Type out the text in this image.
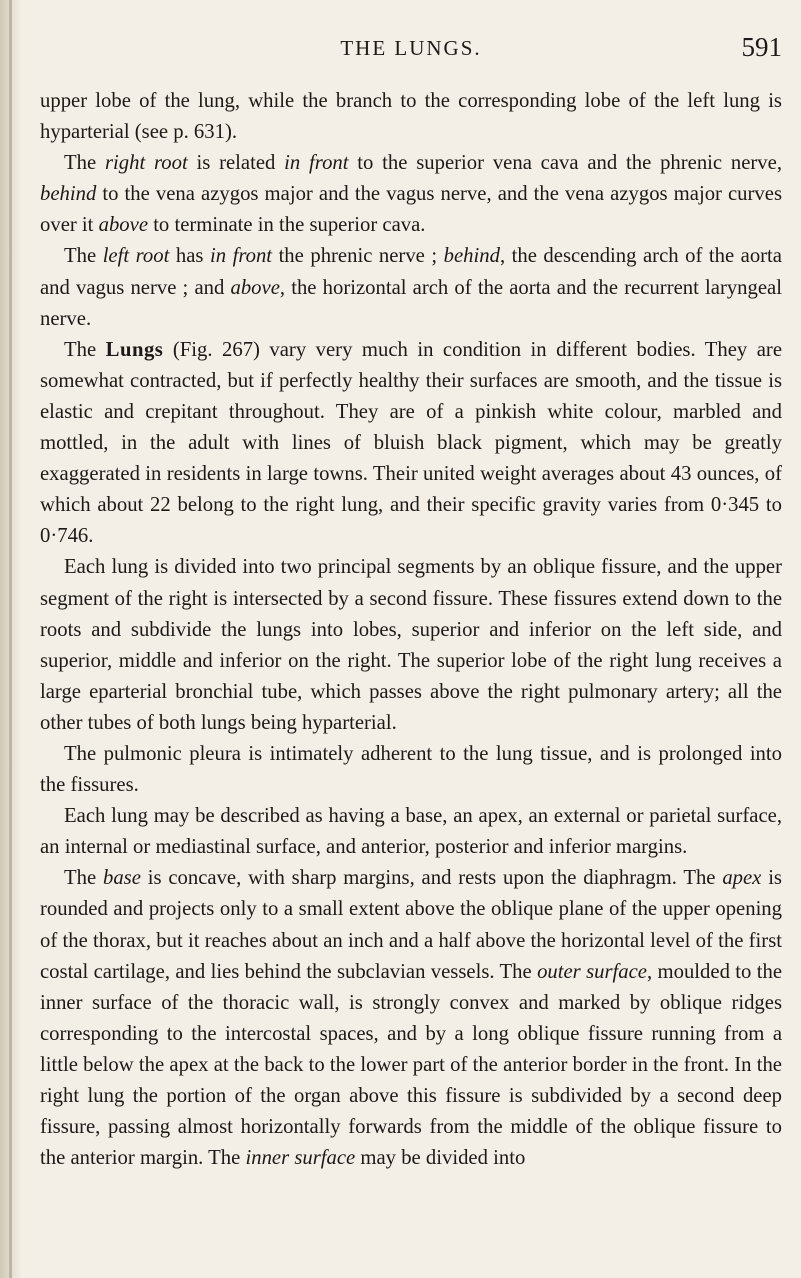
THE LUNGS.	591

upper lobe of the lung, while the branch to the corresponding lobe of the left lung is hyparterial (see p. 631).

The right root is related in front to the superior vena cava and the phrenic nerve, behind to the vena azygos major and the vagus nerve, and the vena azygos major curves over it above to terminate in the superior cava.

The left root has in front the phrenic nerve ; behind, the descending arch of the aorta and vagus nerve ; and above, the horizontal arch of the aorta and the recurrent laryngeal nerve.

The Lungs (Fig. 267) vary very much in condition in different bodies. They are somewhat contracted, but if perfectly healthy their surfaces are smooth, and the tissue is elastic and crepitant throughout. They are of a pinkish white colour, marbled and mottled, in the adult with lines of bluish black pigment, which may be greatly exaggerated in residents in large towns. Their united weight averages about 43 ounces, of which about 22 belong to the right lung, and their specific gravity varies from 0·345 to 0·746.

Each lung is divided into two principal segments by an oblique fissure, and the upper segment of the right is intersected by a second fissure. These fissures extend down to the roots and subdivide the lungs into lobes, superior and inferior on the left side, and superior, middle and inferior on the right. The superior lobe of the right lung receives a large eparterial bronchial tube, which passes above the right pulmonary artery; all the other tubes of both lungs being hyparterial.

The pulmonic pleura is intimately adherent to the lung tissue, and is prolonged into the fissures.

Each lung may be described as having a base, an apex, an external or parietal surface, an internal or mediastinal surface, and anterior, posterior and inferior margins.

The base is concave, with sharp margins, and rests upon the diaphragm. The apex is rounded and projects only to a small extent above the oblique plane of the upper opening of the thorax, but it reaches about an inch and a half above the horizontal level of the first costal cartilage, and lies behind the subclavian vessels. The outer surface, moulded to the inner surface of the thoracic wall, is strongly convex and marked by oblique ridges corresponding to the intercostal spaces, and by a long oblique fissure running from a little below the apex at the back to the lower part of the anterior border in the front. In the right lung the portion of the organ above this fissure is subdivided by a second deep fissure, passing almost horizontally forwards from the middle of the oblique fissure to the anterior margin. The inner surface may be divided into
